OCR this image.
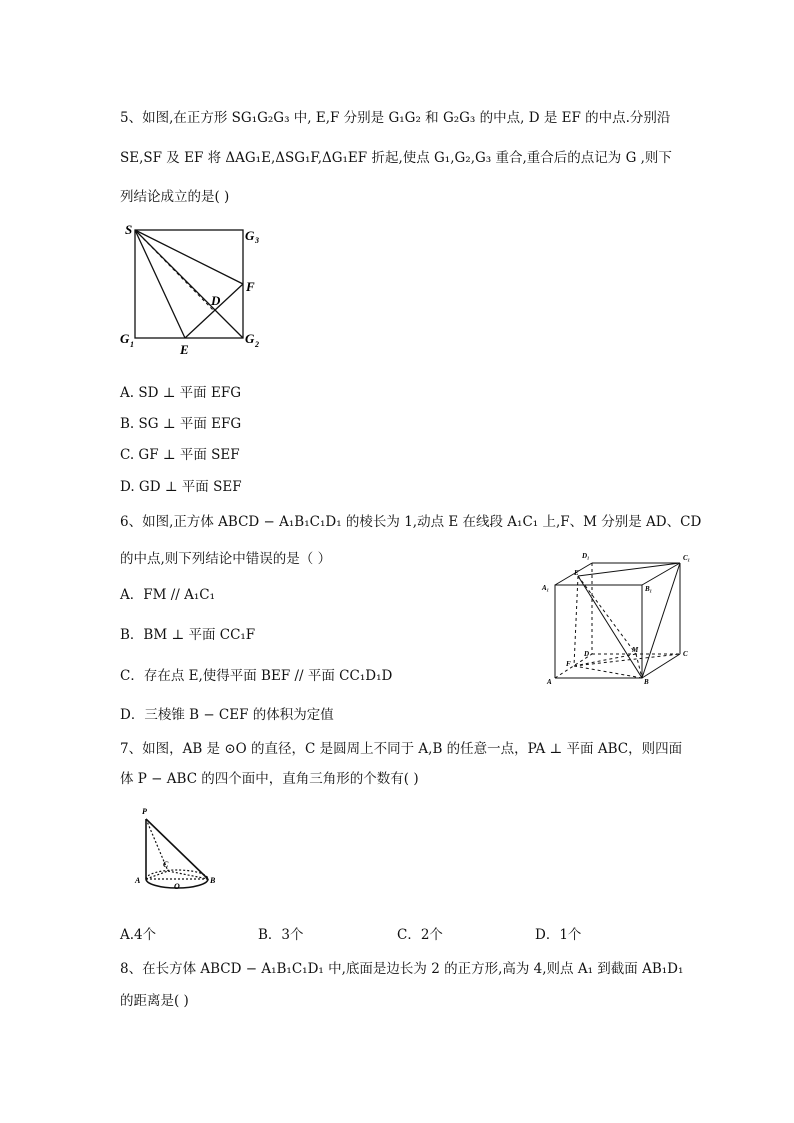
5、如图,在正方形 SG₁G₂G₃ 中, E,F 分别是 G₁G₂ 和 G₂G₃ 的中点, D 是 EF 的中点.分别沿
SE,SF 及 EF 将 ΔAG₁E,ΔSG₁F,ΔG₁EF 折起,使点 G₁,G₂,G₃ 重合,重合后的点记为 G ,则下
列结论成立的是( )
S	G 3
F
D
G 1	E
G 2
A. SD ⊥ 平面 EFG
B. SG ⊥ 平面 EFG
C. GF ⊥ 平面 SEF
D. GD ⊥ 平面 SEF
6、如图,正方体 ABCD − A₁B₁C₁D₁ 的棱长为 1,动点 E 在线段 A₁C₁ 上,F、M 分别是 AD、CD
的中点,则下列结论中错误的是（ ）
A．FM // A₁C₁
B．BM ⊥ 平面 CC₁F
C．存在点 E,使得平面 BEF // 平面 CC₁D₁D
D．三棱锥 B − CEF 的体积为定值
D₁	C₁
A₁	B₁
E
D	M	C
F
A	B
7、如图，AB 是 ⊙O 的直径，C 是圆周上不同于 A,B 的任意一点，PA ⊥ 平面 ABC，则四面
体 P − ABC 的四个面中，直角三角形的个数有( )
P
C
A
O
B
A.4个	B．3个	C．2个	D．1个
8、在长方体 ABCD − A₁B₁C₁D₁ 中,底面是边长为 2 的正方形,高为 4,则点 A₁ 到截面 AB₁D₁
的距离是( )
